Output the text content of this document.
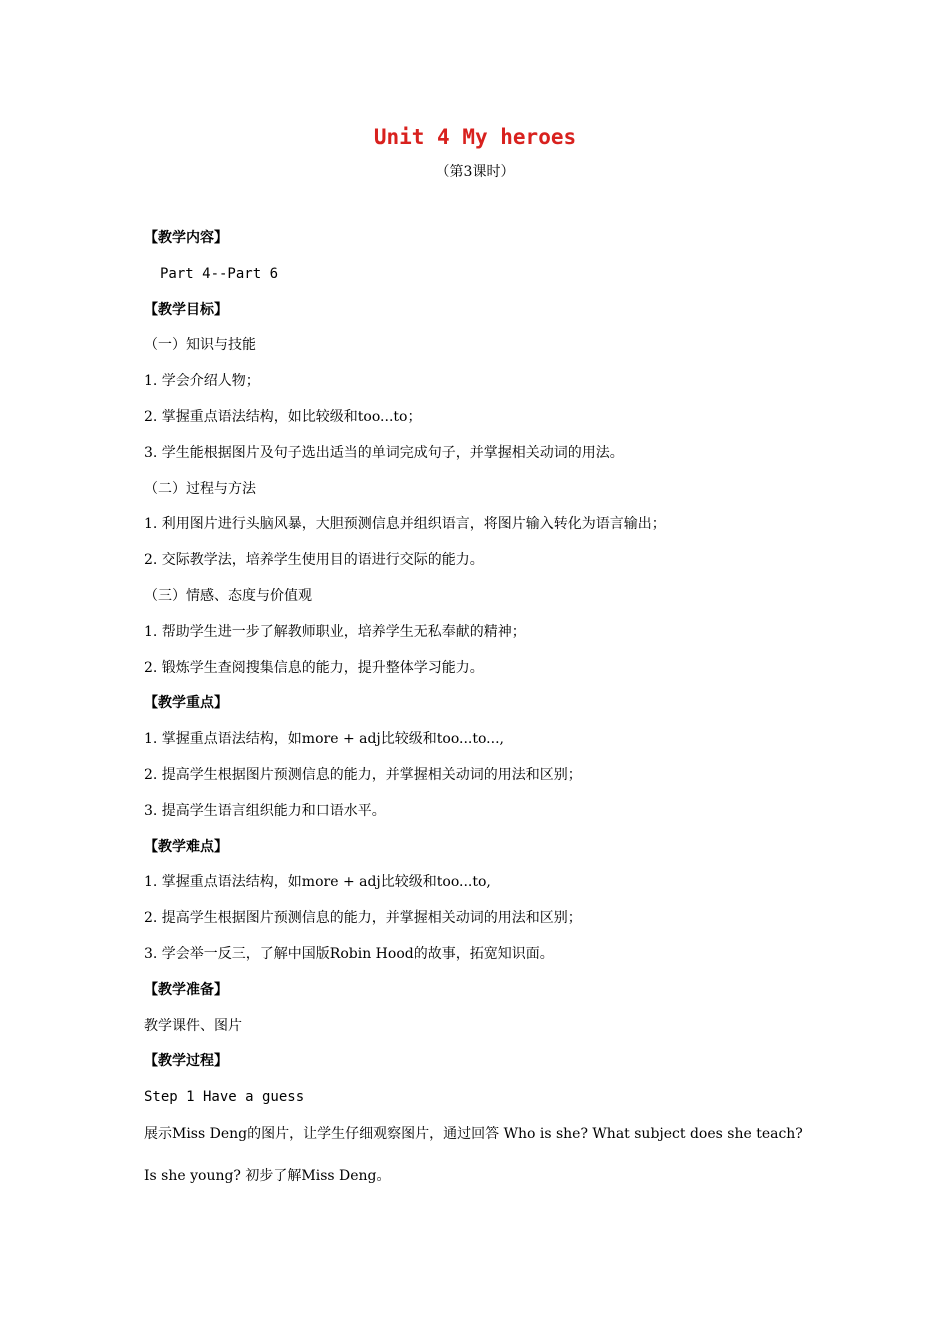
Unit 4 My heroes
（第3课时）
【教学内容】
Part 4--Part 6
【教学目标】
（一）知识与技能
1. 学会介绍人物；
2. 掌握重点语法结构，如比较级和too...to；
3. 学生能根据图片及句子选出适当的单词完成句子，并掌握相关动词的用法。
（二）过程与方法
1. 利用图片进行头脑风暴，大胆预测信息并组织语言，将图片输入转化为语言输出；
2. 交际教学法，培养学生使用目的语进行交际的能力。
（三）情感、态度与价值观
1. 帮助学生进一步了解教师职业，培养学生无私奉献的精神；
2. 锻炼学生查阅搜集信息的能力，提升整体学习能力。
【教学重点】
1. 掌握重点语法结构，如more + adj比较级和too...to...,
2. 提高学生根据图片预测信息的能力，并掌握相关动词的用法和区别；
3. 提高学生语言组织能力和口语水平。
【教学难点】
1. 掌握重点语法结构，如more + adj比较级和too...to,
2. 提高学生根据图片预测信息的能力，并掌握相关动词的用法和区别；
3. 学会举一反三，了解中国版Robin Hood的故事，拓宽知识面。
【教学准备】
教学课件、图片
【教学过程】
Step 1 Have a guess
展示Miss Deng的图片，让学生仔细观察图片，通过回答 Who is she? What subject does she teach? Is she young? 初步了解Miss Deng。
